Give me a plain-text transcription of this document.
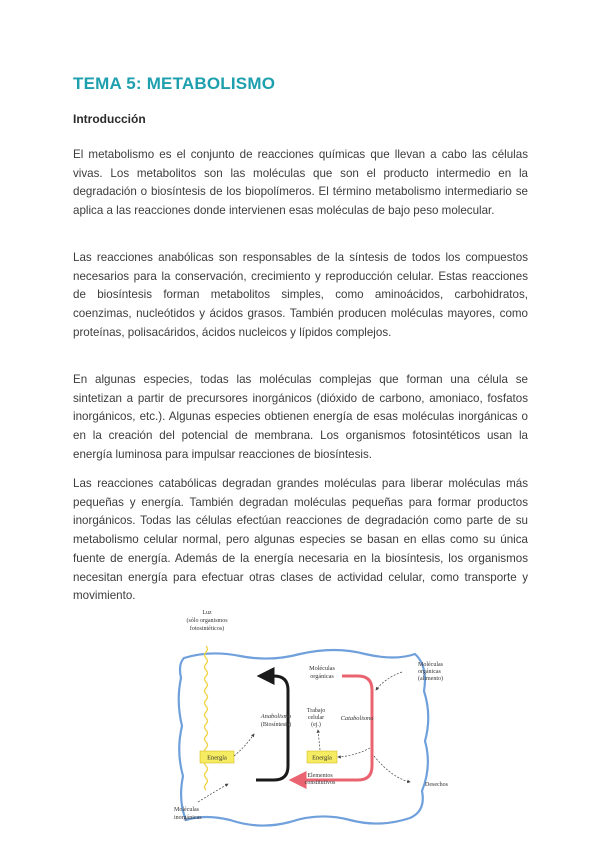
TEMA 5: METABOLISMO
Introducción

El metabolismo es el conjunto de reacciones químicas que llevan a cabo las células vivas. Los metabolitos son las moléculas que son el producto intermedio en la degradación o biosíntesis de los biopolímeros. El término metabolismo intermediario se aplica a las reacciones donde intervienen esas moléculas de bajo peso molecular.

Las reacciones anabólicas son responsables de la síntesis de todos los compuestos necesarios para la conservación, crecimiento y reproducción celular. Estas reacciones de biosíntesis forman metabolitos simples, como aminoácidos, carbohidratos, coenzimas, nucleótidos y ácidos grasos. También producen moléculas mayores, como proteínas, polisacáridos, ácidos nucleicos y lípidos complejos.

En algunas especies, todas las moléculas complejas que forman una célula se sintetizan a partir de precursores inorgánicos (dióxido de carbono, amoniaco, fosfatos inorgánicos, etc.). Algunas especies obtienen energía de esas moléculas inorgánicas o en la creación del potencial de membrana. Los organismos fotosintéticos usan la energía luminosa para impulsar reacciones de biosíntesis.

Las reacciones catabólicas degradan grandes moléculas para liberar moléculas más pequeñas y energía. También degradan moléculas pequeñas para formar productos inorgánicos. Todas las células efectúan reacciones de degradación como parte de su metabolismo celular normal, pero algunas especies se basan en ellas como su única fuente de energía. Además de la energía necesaria en la biosíntesis, los organismos necesitan energía para efectuar otras clases de actividad celular, como transporte y movimiento.

Luz
(sólo organismos
fotosintéticos)
Moléculas
orgánicas
Trabajo
celular
(ej.)
Anabolismo
(Biosíntesis)
Catabolismo
Elementos
constitutivos
Energía	Energía
Moléculas
orgánicas
(alimento)
Desechos
Moléculas
inorgánicas
